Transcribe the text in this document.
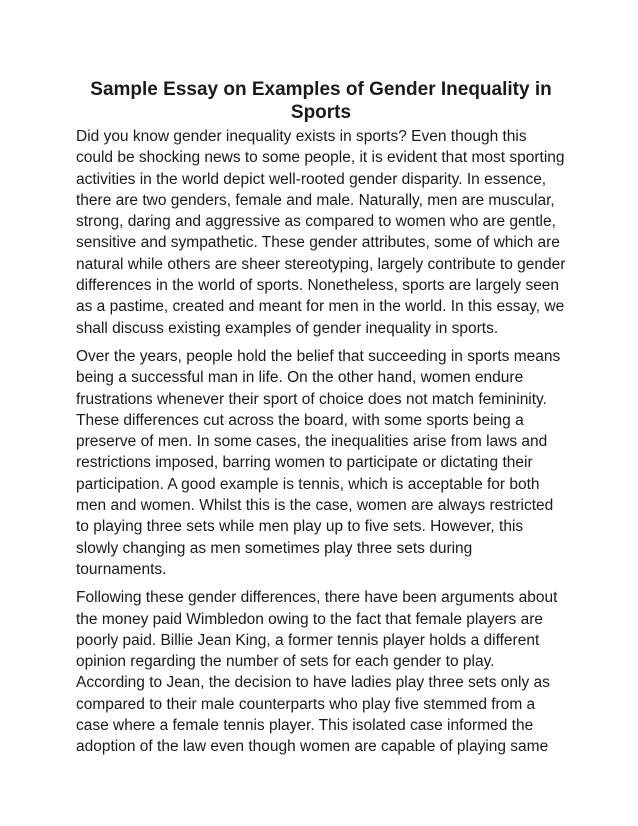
Sample Essay on Examples of Gender Inequality in Sports

Did you know gender inequality exists in sports? Even though this could be shocking news to some people, it is evident that most sporting activities in the world depict well-rooted gender disparity. In essence, there are two genders, female and male. Naturally, men are muscular, strong, daring and aggressive as compared to women who are gentle, sensitive and sympathetic. These gender attributes, some of which are natural while others are sheer stereotyping, largely contribute to gender differences in the world of sports. Nonetheless, sports are largely seen as a pastime, created and meant for men in the world. In this essay, we shall discuss existing examples of gender inequality in sports.

Over the years, people hold the belief that succeeding in sports means being a successful man in life. On the other hand, women endure frustrations whenever their sport of choice does not match femininity. These differences cut across the board, with some sports being a preserve of men. In some cases, the inequalities arise from laws and restrictions imposed, barring women to participate or dictating their participation. A good example is tennis, which is acceptable for both men and women. Whilst this is the case, women are always restricted to playing three sets while men play up to five sets. However, this slowly changing as men sometimes play three sets during tournaments.

Following these gender differences, there have been arguments about the money paid Wimbledon owing to the fact that female players are poorly paid. Billie Jean King, a former tennis player holds a different opinion regarding the number of sets for each gender to play. According to Jean, the decision to have ladies play three sets only as compared to their male counterparts who play five stemmed from a case where a female tennis player. This isolated case informed the adoption of the law even though women are capable of playing same
